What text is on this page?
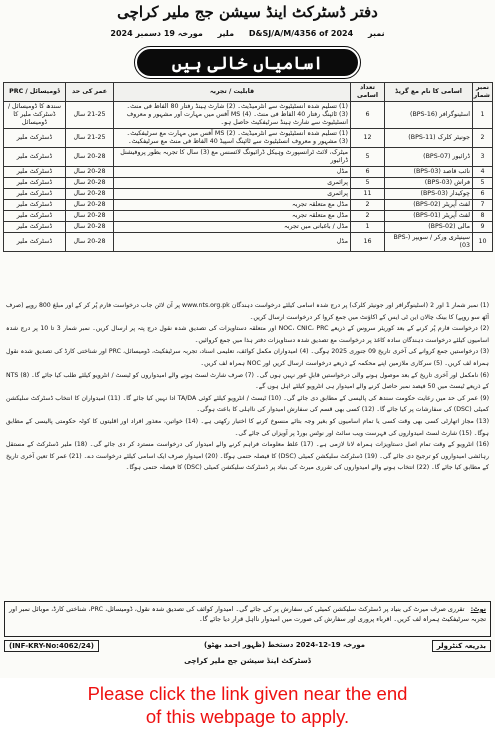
دفتر ڈسٹرکٹ اینڈ سیشن جج ملیر کراچی
نمبر D&SJ/A/M/4356 of 2024 ملیر مورخہ 19 دسمبر 2024
اسامیاں خالی ہیں
نمبر شمار	اسامی کا نام مع گریڈ	تعداد اسامی	قابلیت / تجربہ	عمر کی حد	ڈومیسائل / PRC
1	اسٹینوگرافر (BPS-16)	6	(1) تسلیم شدہ انسٹیٹیوٹ سے انٹرمیڈیٹ۔ (2) شارٹ ہینڈ رفتار 80 الفاظ فی منٹ۔ (3) ٹائپنگ رفتار 40 الفاظ فی منٹ۔ (4) MS آفس میں مہارت اور مشہور و معروف انسٹیٹیوٹ سے شارٹ ہینڈ سرٹیفکیٹ حاصل ہو۔	21-25 سال	سندھ کا ڈومیسائل / ڈسٹرکٹ ملیر کا ڈومیسائل
2	جونیئر کلرک (BPS-11)	12	(1) تسلیم شدہ انسٹیٹیوٹ سے انٹرمیڈیٹ۔ (2) MS آفس میں مہارت مع سرٹیفکیٹ۔ (3) مشہور و معروف انسٹیٹیوٹ سے ٹائپنگ اسپیڈ 40 الفاظ فی منٹ مع سرٹیفکیٹ۔	21-25 سال	ڈسٹرکٹ ملیر
3	ڈرائیور (BPS-07)	5	میٹرک، لائٹ ٹرانسپورٹ وہیکل ڈرائیونگ لائسنس مع (3) سال کا تجربہ بطور پروفیشنل ڈرائیور	20-28 سال	ڈسٹرکٹ ملیر
4	نائب قاصد (BPS-03)	6	مڈل	20-28 سال	ڈسٹرکٹ ملیر
5	فراش (BPS-03)	5	پرائمری	20-28 سال	ڈسٹرکٹ ملیر
6	چوکیدار (BPS-03)	11	پرائمری	20-28 سال	ڈسٹرکٹ ملیر
7	لفٹ آپریٹر (BPS-02)	2	مڈل مع متعلقہ تجربہ	20-28 سال	ڈسٹرکٹ ملیر
8	لفٹ آپریٹر (BPS-01)	2	مڈل مع متعلقہ تجربہ	20-28 سال	ڈسٹرکٹ ملیر
9	مالی (BPS-02)	1	مڈل / باغبانی میں تجربہ	20-28 سال	ڈسٹرکٹ ملیر
10	سینیٹری ورکر / سویپر (BPS-03)	16	مڈل	20-28 سال	ڈسٹرکٹ ملیر

(1) نمبر شمار 1 اور 2 (اسٹینوگرافر اور جونیئر کلرک) پر درج شدہ اسامی کیلئے درخواست دہندگان www.nts.org.pk پر آن لائن جاب درخواست فارم پُر کر کے اور مبلغ 800 روپے (صرف آٹھ سو روپے) کا بینک چالان این ٹی ایس کے اکاؤنٹ میں جمع کروا کر درخواست ارسال کریں۔

(2) درخواست فارم پُر کرنے کے بعد کوریئر سروس کے ذریعے NOC، CNIC، PRC اور متعلقہ دستاویزات کی تصدیق شدہ نقول درج پتہ پر ارسال کریں۔ نمبر شمار 3 تا 10 پر درج شدہ اسامیوں کیلئے درخواست دہندگان سادہ کاغذ پر درخواست مع تصدیق شدہ دستاویزات دفتر ہذا میں جمع کروائیں۔

(3) درخواستیں جمع کروانے کی آخری تاریخ 09 جنوری 2025 ہوگی۔ (4) امیدواران مکمل کوائف، تعلیمی اسناد، تجربہ سرٹیفکیٹ، ڈومیسائل، PRC اور شناختی کارڈ کی تصدیق شدہ نقول ہمراہ لف کریں۔ (5) سرکاری ملازمین اپنے محکمہ کے ذریعے درخواست ارسال کریں اور NOC ہمراہ لف کریں۔

(6) نامکمل اور آخری تاریخ کے بعد موصول ہونے والی درخواستیں قابلِ غور نہیں ہوں گی۔ (7) صرف شارٹ لسٹ ہونے والے امیدواروں کو ٹیسٹ / انٹرویو کیلئے طلب کیا جائے گا۔ (8) NTS کے ذریعے ٹیسٹ میں 50 فیصد نمبر حاصل کرنے والے امیدوار ہی انٹرویو کیلئے اہل ہوں گے۔

(9) عمر کی حد میں رعایت حکومت سندھ کی پالیسی کے مطابق دی جائے گی۔ (10) ٹیسٹ / انٹرویو کیلئے کوئی TA/DA ادا نہیں کیا جائے گا۔ (11) امیدواران کا انتخاب ڈسٹرکٹ سلیکشن کمیٹی (DSC) کی سفارشات پر کیا جائے گا۔ (12) کسی بھی قسم کی سفارش امیدوار کی نااہلی کا باعث ہوگی۔

(13) مجاز اتھارٹی کسی بھی وقت کسی یا تمام اسامیوں کو بغیر وجہ بتائے منسوخ کرنے کا اختیار رکھتی ہے۔ (14) خواتین، معذور افراد اور اقلیتوں کا کوٹہ حکومتی پالیسی کے مطابق ہوگا۔ (15) شارٹ لسٹ امیدواروں کی فہرست ویب سائٹ اور نوٹس بورڈ پر آویزاں کی جائے گی۔

(16) انٹرویو کے وقت تمام اصل دستاویزات ہمراہ لانا لازمی ہے۔ (17) غلط معلومات فراہم کرنے والے امیدوار کی درخواست مسترد کر دی جائے گی۔ (18) ملیر ڈسٹرکٹ کے مستقل رہائشی امیدواروں کو ترجیح دی جائے گی۔ (19) ڈسٹرکٹ سلیکشن کمیٹی (DSC) کا فیصلہ حتمی ہوگا۔ (20) امیدوار صرف ایک اسامی کیلئے درخواست دے۔ (21) عمر کا تعین آخری تاریخ کے مطابق کیا جائے گا۔ (22) انتخاب ہونے والے امیدواروں کی تقرری میرٹ کی بنیاد پر ڈسٹرکٹ سلیکشن کمیٹی (DSC) کا فیصلہ حتمی ہوگا۔

نوٹ: تقرری صرف میرٹ کی بنیاد پر ڈسٹرکٹ سلیکشن کمیٹی کی سفارش پر کی جائے گی۔ امیدوار کوائف کی تصدیق شدہ نقول، ڈومیسائل، PRC، شناختی کارڈ، موبائل نمبر اور تجربہ سرٹیفکیٹ ہمراہ لف کریں۔ اقرباء پروری اور سفارش کی صورت میں امیدوار نااہل قرار دیا جائے گا۔
بذریعہ کنٹرولر
مورخہ 19-12-2024 دستخط (ظہور احمد بھٹو)
(INF-KRY-No:4062/24)
ڈسٹرکٹ اینڈ سیشن جج ملیر کراچی
Please click the link given near the end
of this webpage to apply.
